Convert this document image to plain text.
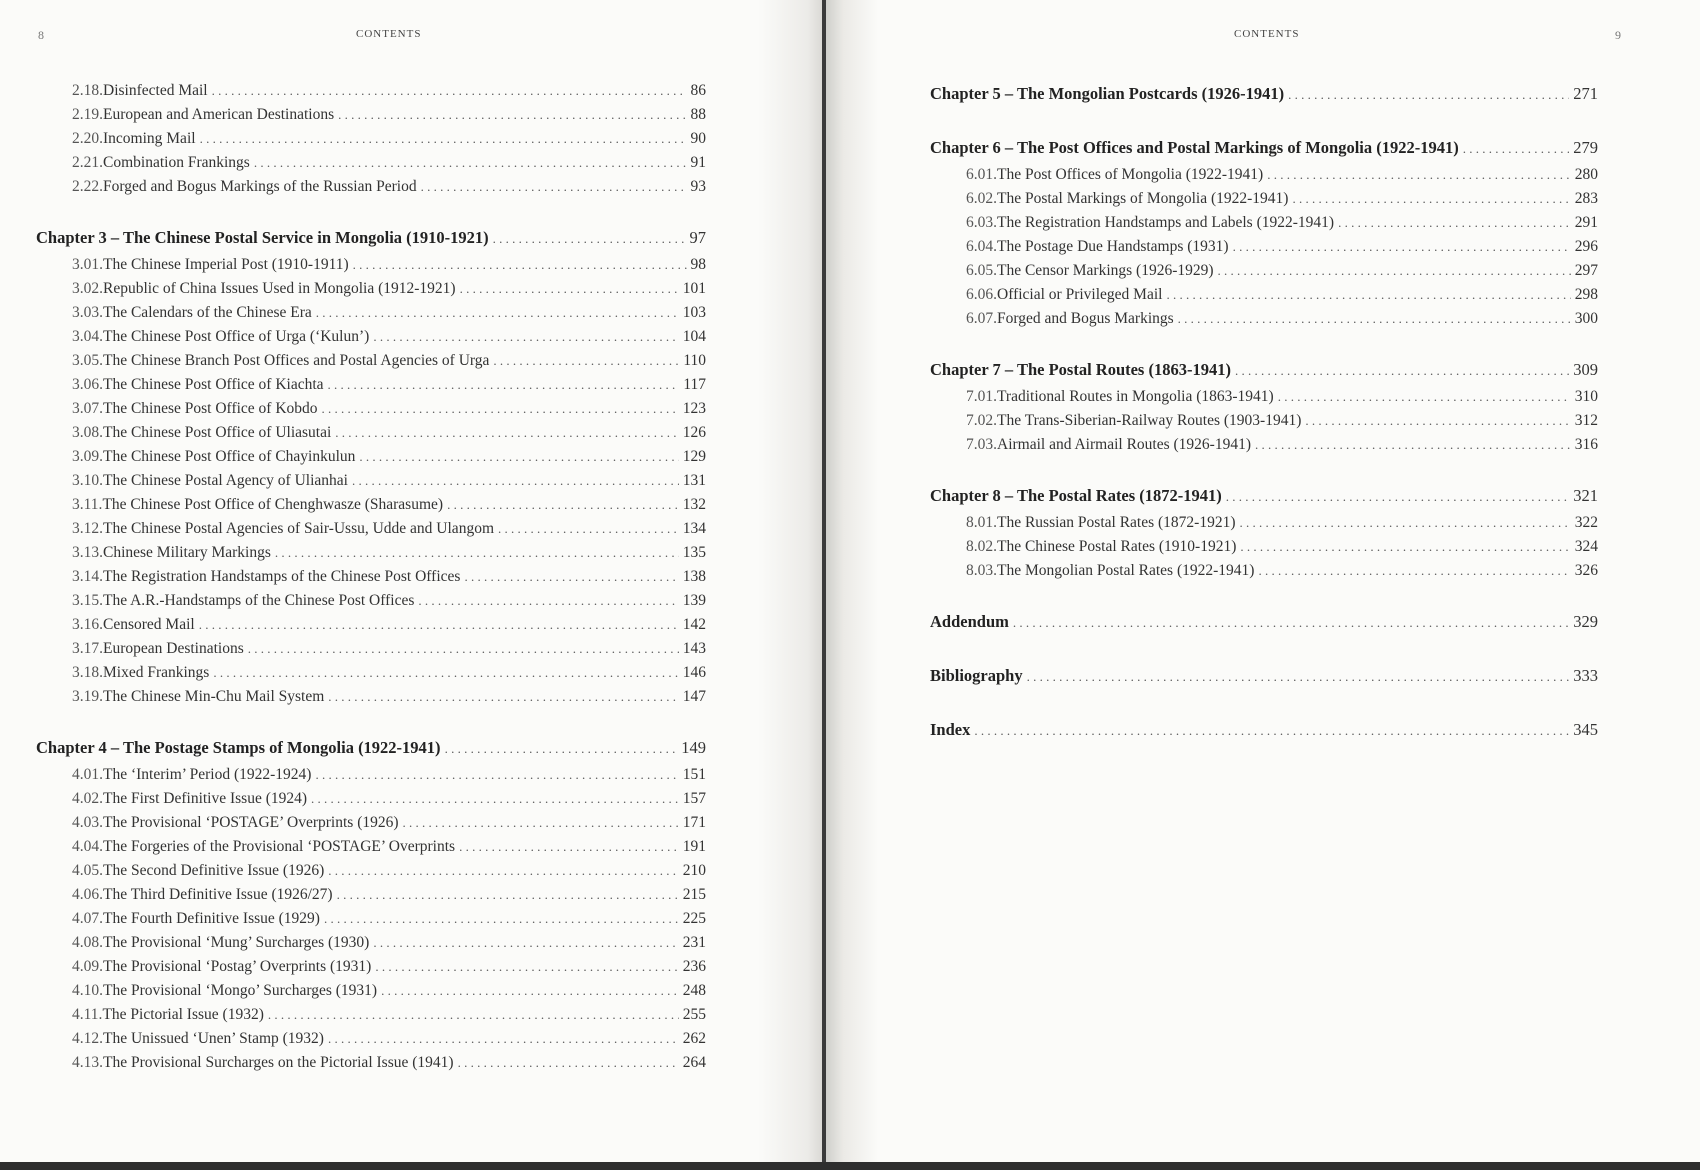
8	CONTENTS
2.18. Disinfected Mail . . .	86
2.19. European and American Destinations . . .	88
2.20. Incoming Mail . . .	90
2.21. Combination Frankings . . .	91
2.22. Forged and Bogus Markings of the Russian Period . . .	93
Chapter 3 – The Chinese Postal Service in Mongolia (1910-1921) . . .	97
3.01. The Chinese Imperial Post (1910-1911) . . .	98
3.02. Republic of China Issues Used in Mongolia (1912-1921) . . .	101
3.03. The Calendars of the Chinese Era . . .	103
3.04. The Chinese Post Office of Urga (‘Kulun’) . . .	104
3.05. The Chinese Branch Post Offices and Postal Agencies of Urga . . .	110
3.06. The Chinese Post Office of Kiachta . . .	117
3.07. The Chinese Post Office of Kobdo . . .	123
3.08. The Chinese Post Office of Uliasutai . . .	126
3.09. The Chinese Post Office of Chayinkulun . . .	129
3.10. The Chinese Postal Agency of Ulianhai . . .	131
3.11. The Chinese Post Office of Chenghwasze (Sharasume) . . .	132
3.12. The Chinese Postal Agencies of Sair-Ussu, Udde and Ulangom . . .	134
3.13. Chinese Military Markings . . .	135
3.14. The Registration Handstamps of the Chinese Post Offices . . .	138
3.15. The A.R.-Handstamps of the Chinese Post Offices . . .	139
3.16. Censored Mail . . .	142
3.17. European Destinations . . .	143
3.18. Mixed Frankings . . .	146
3.19. The Chinese Min-Chu Mail System . . .	147
Chapter 4 – The Postage Stamps of Mongolia (1922-1941) . . .	149
4.01. The ‘Interim’ Period (1922-1924) . . .	151
4.02. The First Definitive Issue (1924) . . .	157
4.03. The Provisional ‘POSTAGE’ Overprints (1926) . . .	171
4.04. The Forgeries of the Provisional ‘POSTAGE’ Overprints . . .	191
4.05. The Second Definitive Issue (1926) . . .	210
4.06. The Third Definitive Issue (1926/27) . . .	215
4.07. The Fourth Definitive Issue (1929) . . .	225
4.08. The Provisional ‘Mung’ Surcharges (1930) . . .	231
4.09. The Provisional ‘Postag’ Overprints (1931) . . .	236
4.10. The Provisional ‘Mongo’ Surcharges (1931) . . .	248
4.11. The Pictorial Issue (1932) . . .	255
4.12. The Unissued ‘Unen’ Stamp (1932) . . .	262
4.13. The Provisional Surcharges on the Pictorial Issue (1941) . . .	264
CONTENTS	9
Chapter 5 – The Mongolian Postcards (1926-1941) . . .	271
Chapter 6 – The Post Offices and Postal Markings of Mongolia (1922-1941) . . .	279
6.01. The Post Offices of Mongolia (1922-1941) . . .	280
6.02. The Postal Markings of Mongolia (1922-1941) . . .	283
6.03. The Registration Handstamps and Labels (1922-1941) . . .	291
6.04. The Postage Due Handstamps (1931) . . .	296
6.05. The Censor Markings (1926-1929) . . .	297
6.06. Official or Privileged Mail . . .	298
6.07. Forged and Bogus Markings . . .	300
Chapter 7 – The Postal Routes (1863-1941) . . .	309
7.01. Traditional Routes in Mongolia (1863-1941) . . .	310
7.02. The Trans-Siberian-Railway Routes (1903-1941) . . .	312
7.03. Airmail and Airmail Routes (1926-1941) . . .	316
Chapter 8 – The Postal Rates (1872-1941) . . .	321
8.01. The Russian Postal Rates (1872-1921) . . .	322
8.02. The Chinese Postal Rates (1910-1921) . . .	324
8.03. The Mongolian Postal Rates (1922-1941) . . .	326
Addendum . . .	329
Bibliography . . .	333
Index . . .	345
